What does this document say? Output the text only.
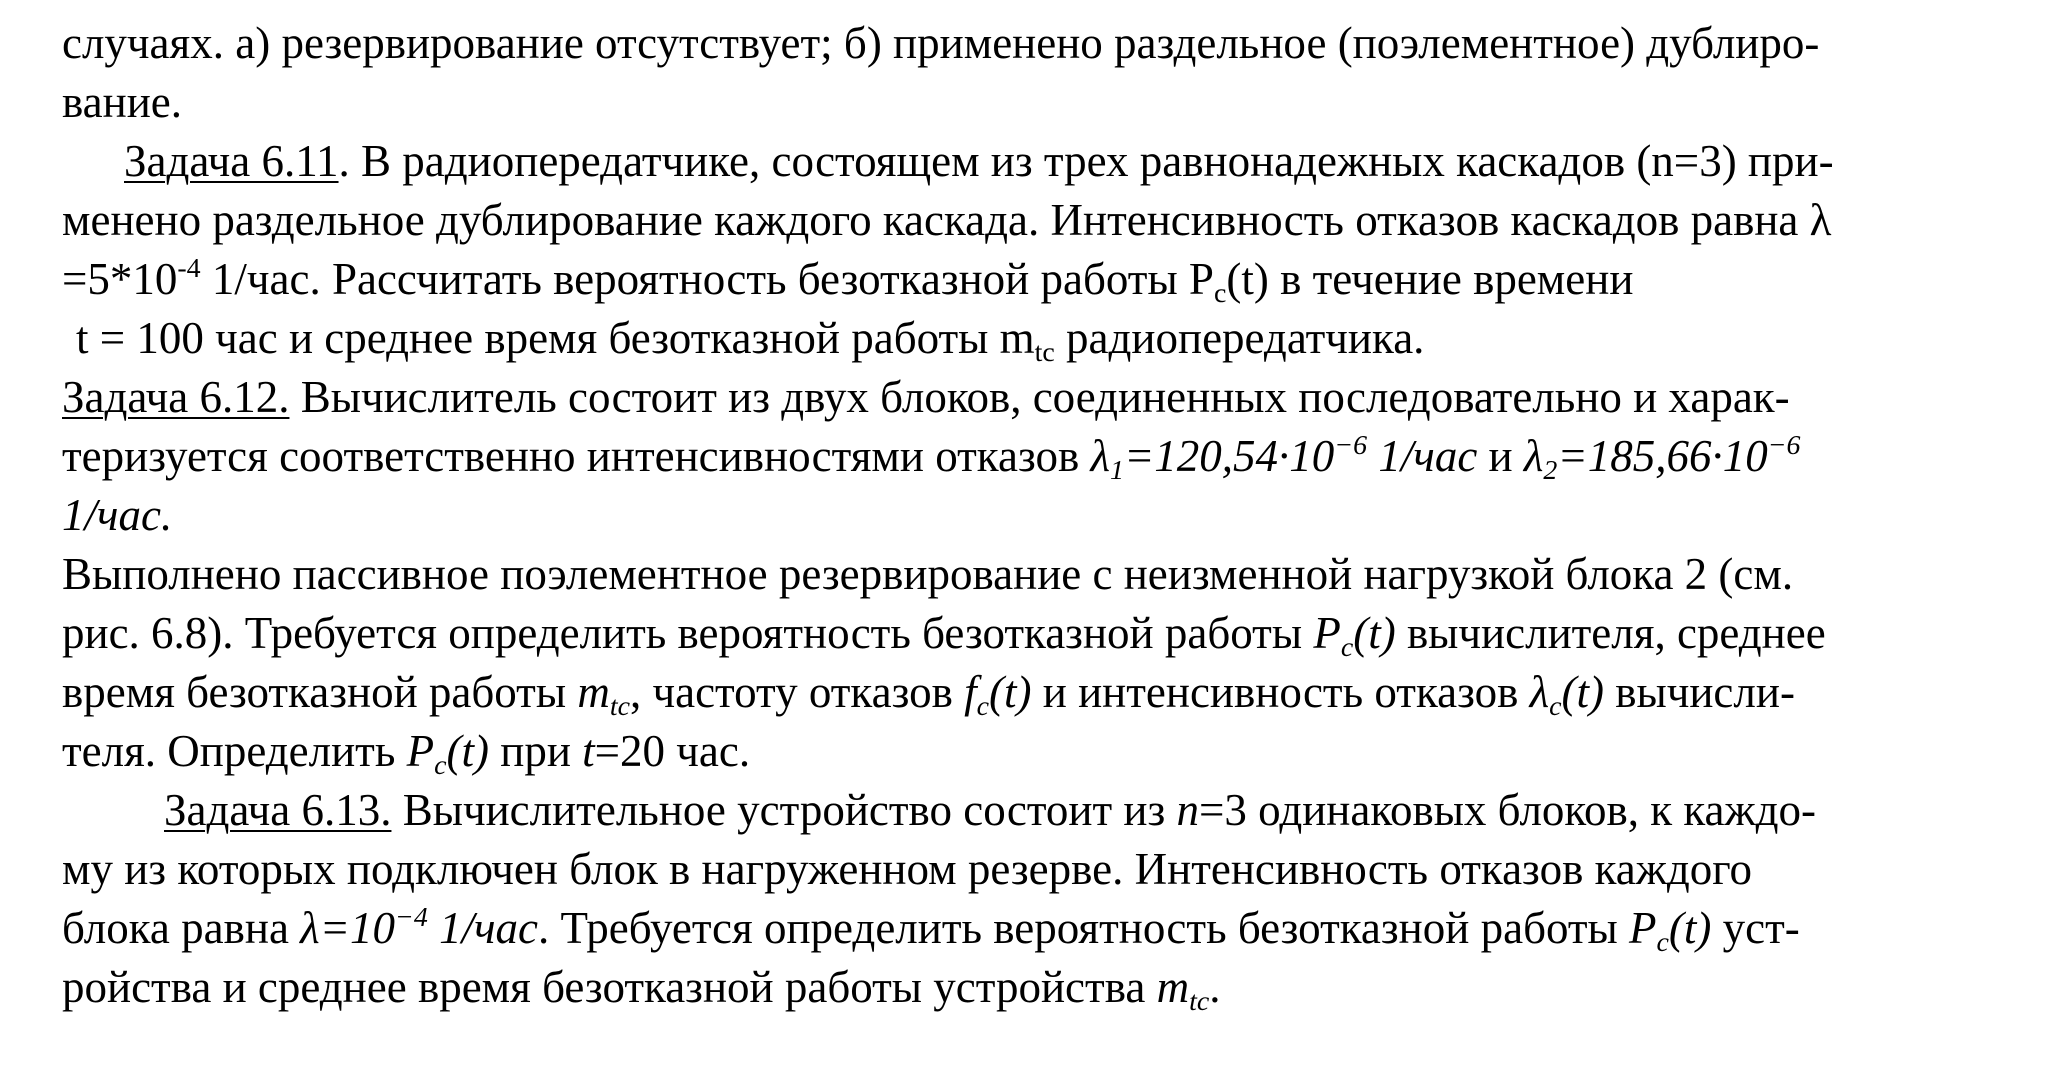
случаях. а) резервирование отсутствует; б) применено раздельное (поэлементное) дублиро-
вание.
Задача 6.11. В радиопередатчике, состоящем из трех равнонадежных каскадов (n=3) при-
менено раздельное дублирование каждого каскада. Интенсивность отказов каскадов равна λ
$=5*10^{-4}$ 1/час. Рассчитать вероятность безотказной работы $P_c(t)$ в течение времени
t = 100 час и среднее время безотказной работы $m_{tc}$ радиопередатчика.
Задача 6.12. Вычислитель состоит из двух блоков, соединенных последовательно и харак-
теризуется соответственно интенсивностями отказов $\lambda_1=120,54\cdot 10^{-6}$ 1/час и $\lambda_2=185,66\cdot 10^{-6}$
1/час.
Выполнено пассивное поэлементное резервирование с неизменной нагрузкой блока 2 (см.
рис. 6.8). Требуется определить вероятность безотказной работы $P_c(t)$ вычислителя, среднее
время безотказной работы $m_{tc}$, частоту отказов $f_c(t)$ и интенсивность отказов $\lambda_c(t)$ вычисли-
теля. Определить $P_c(t)$ при t=20 час.
Задача 6.13. Вычислительное устройство состоит из n=3 одинаковых блоков, к каждо-
му из которых подключен блок в нагруженном резерве. Интенсивность отказов каждого
блока равна $\lambda=10^{-4}$ 1/час. Требуется определить вероятность безотказной работы $P_c(t)$ уст-
ройства и среднее время безотказной работы устройства $m_{tc}$.
